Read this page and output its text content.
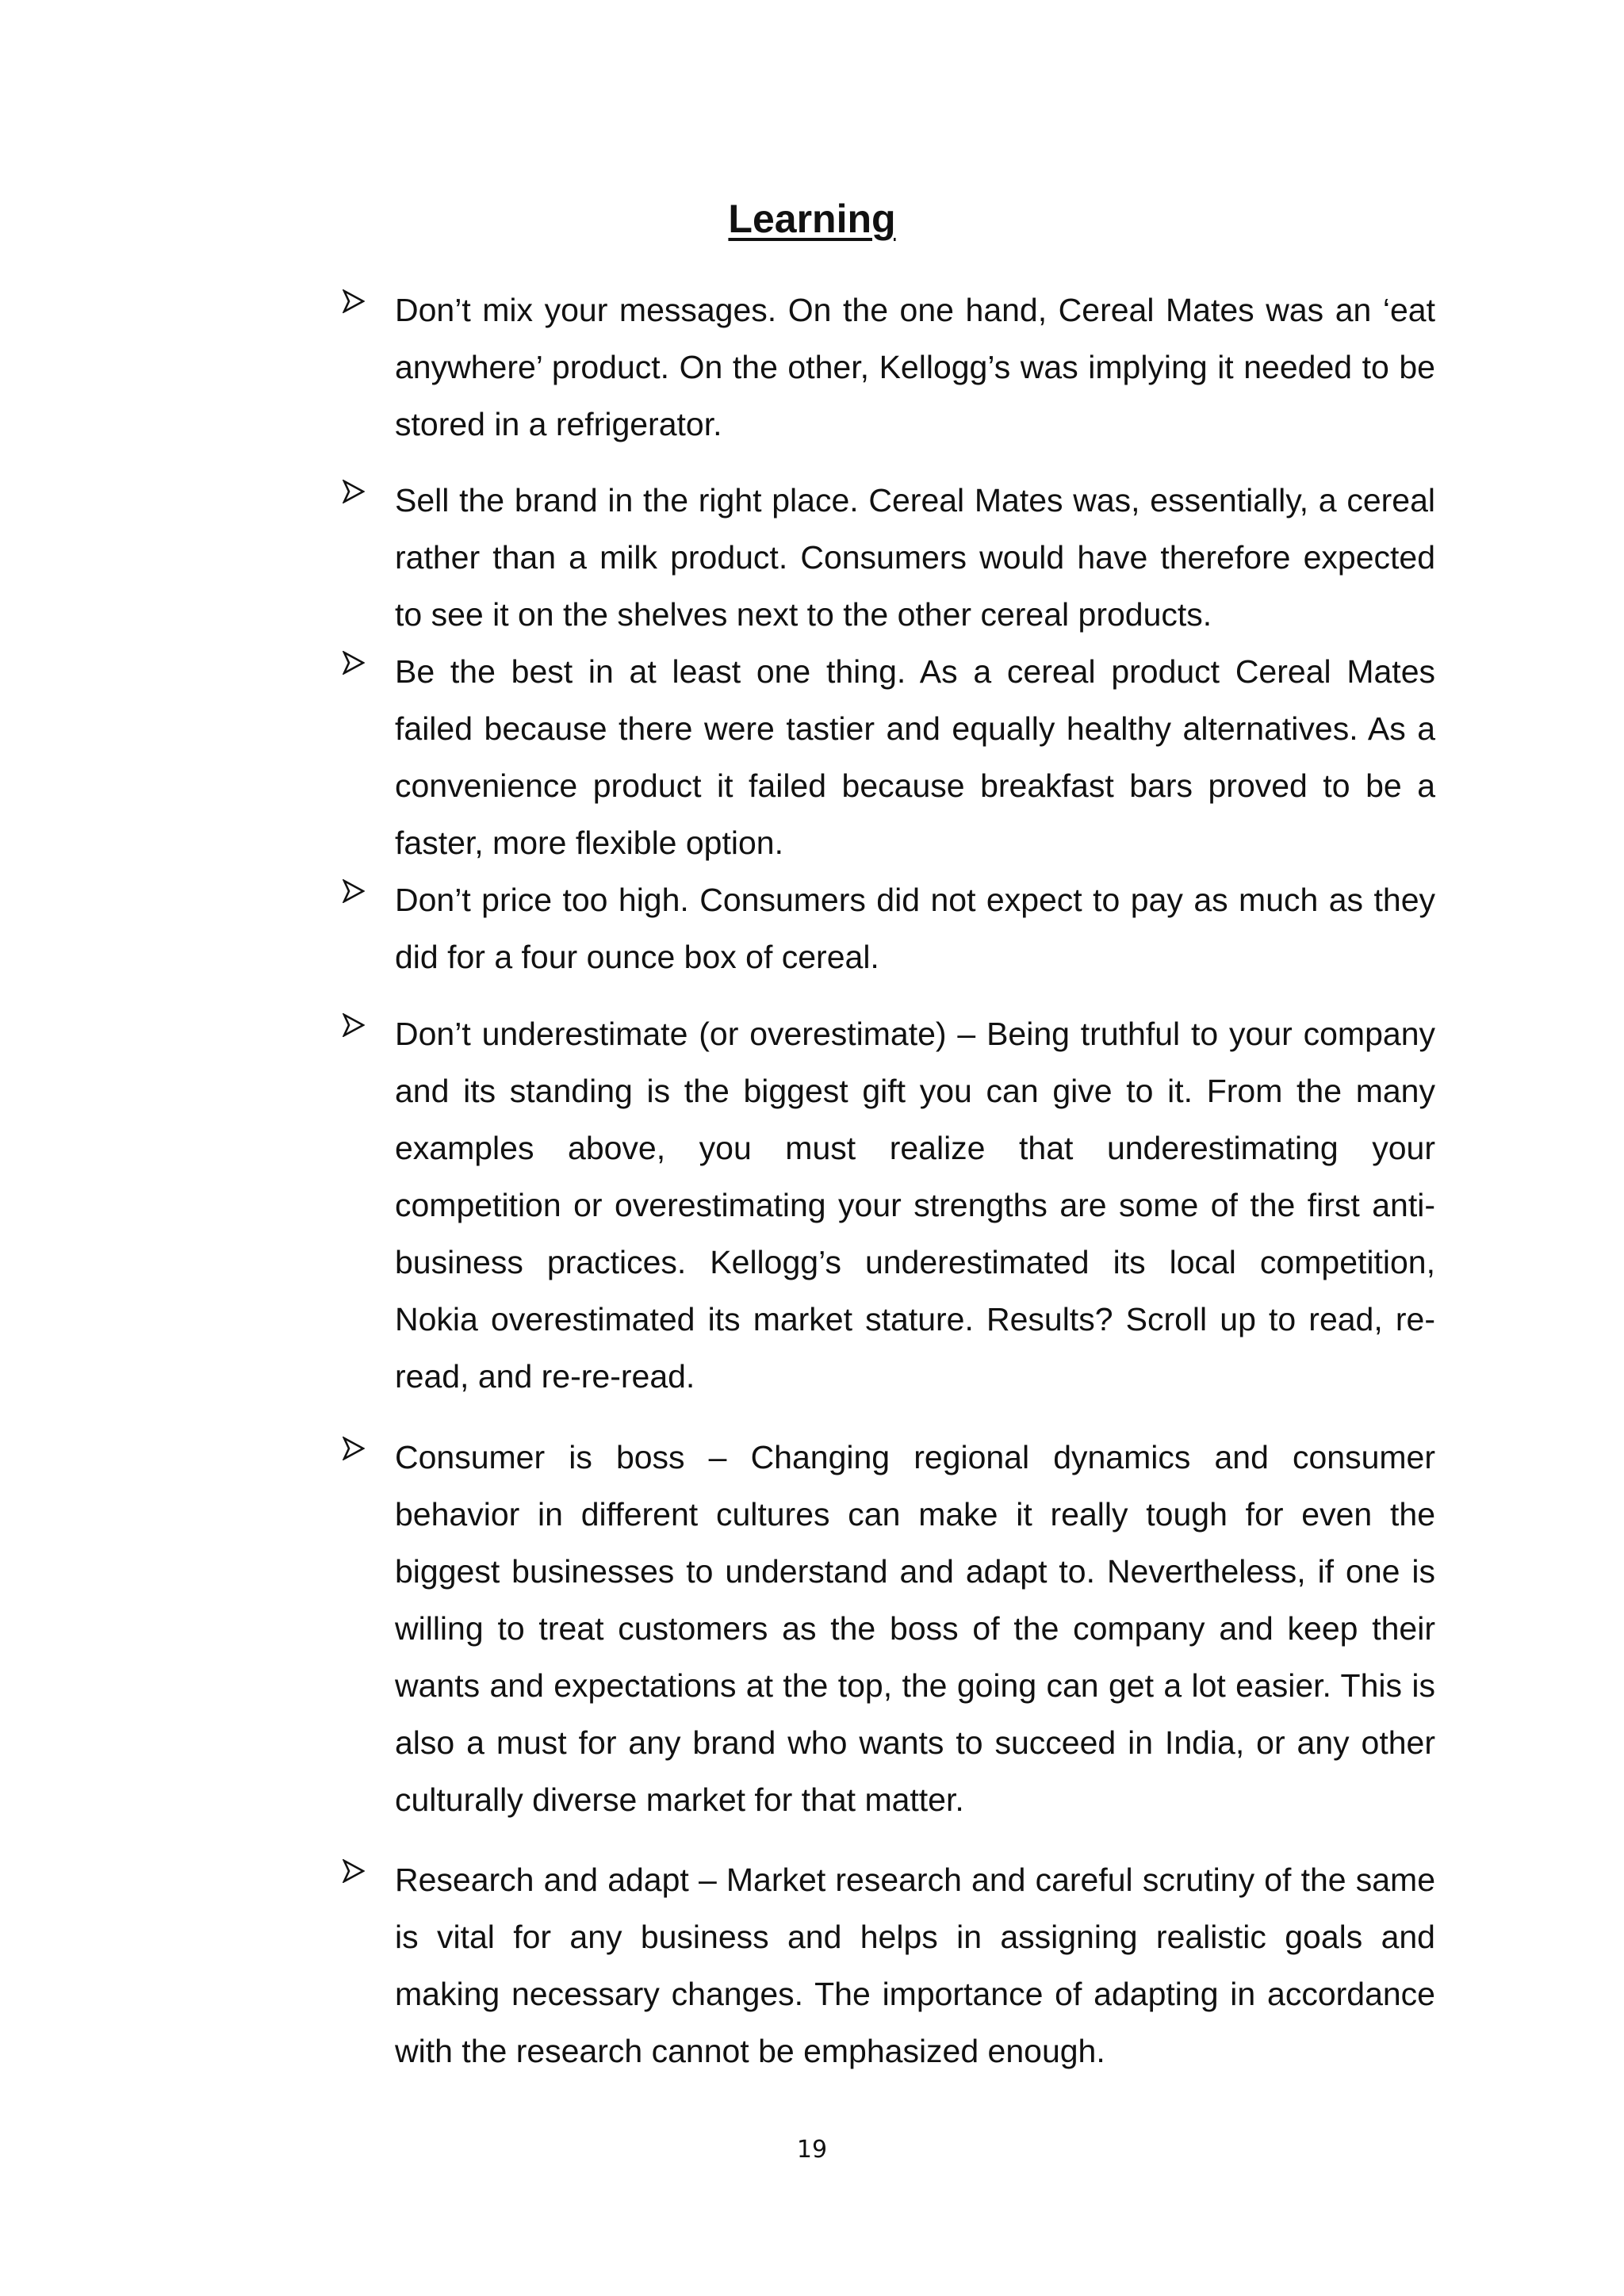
Learning

Don’t mix your messages. On the one hand, Cereal Mates was an ‘eat anywhere’ product. On the other, Kellogg’s was implying it needed to be stored in a refrigerator.

Sell the brand in the right place. Cereal Mates was, essentially, a cereal rather than a milk product. Consumers would have therefore expected to see it on the shelves next to the other cereal products.

Be the best in at least one thing. As a cereal product Cereal Mates failed because there were tastier and equally healthy alternatives. As a convenience product it failed because breakfast bars proved to be a faster, more flexible option.

Don’t price too high. Consumers did not expect to pay as much as they did for a four ounce box of cereal.

Don’t underestimate (or overestimate) – Being truthful to your company and its standing is the biggest gift you can give to it. From the many examples above, you must realize that underestimating your competition or overestimating your strengths are some of the first anti-business practices. Kellogg’s underestimated its local competition, Nokia overestimated its market stature. Results? Scroll up to read, re-read, and re-re-read.

Consumer is boss – Changing regional dynamics and consumer behavior in different cultures can make it really tough for even the biggest businesses to understand and adapt to. Nevertheless, if one is willing to treat customers as the boss of the company and keep their wants and expectations at the top, the going can get a lot easier. This is also a must for any brand who wants to succeed in India, or any other culturally diverse market for that matter.

Research and adapt – Market research and careful scrutiny of the same is vital for any business and helps in assigning realistic goals and making necessary changes. The importance of adapting in accordance with the research cannot be emphasized enough.

19
